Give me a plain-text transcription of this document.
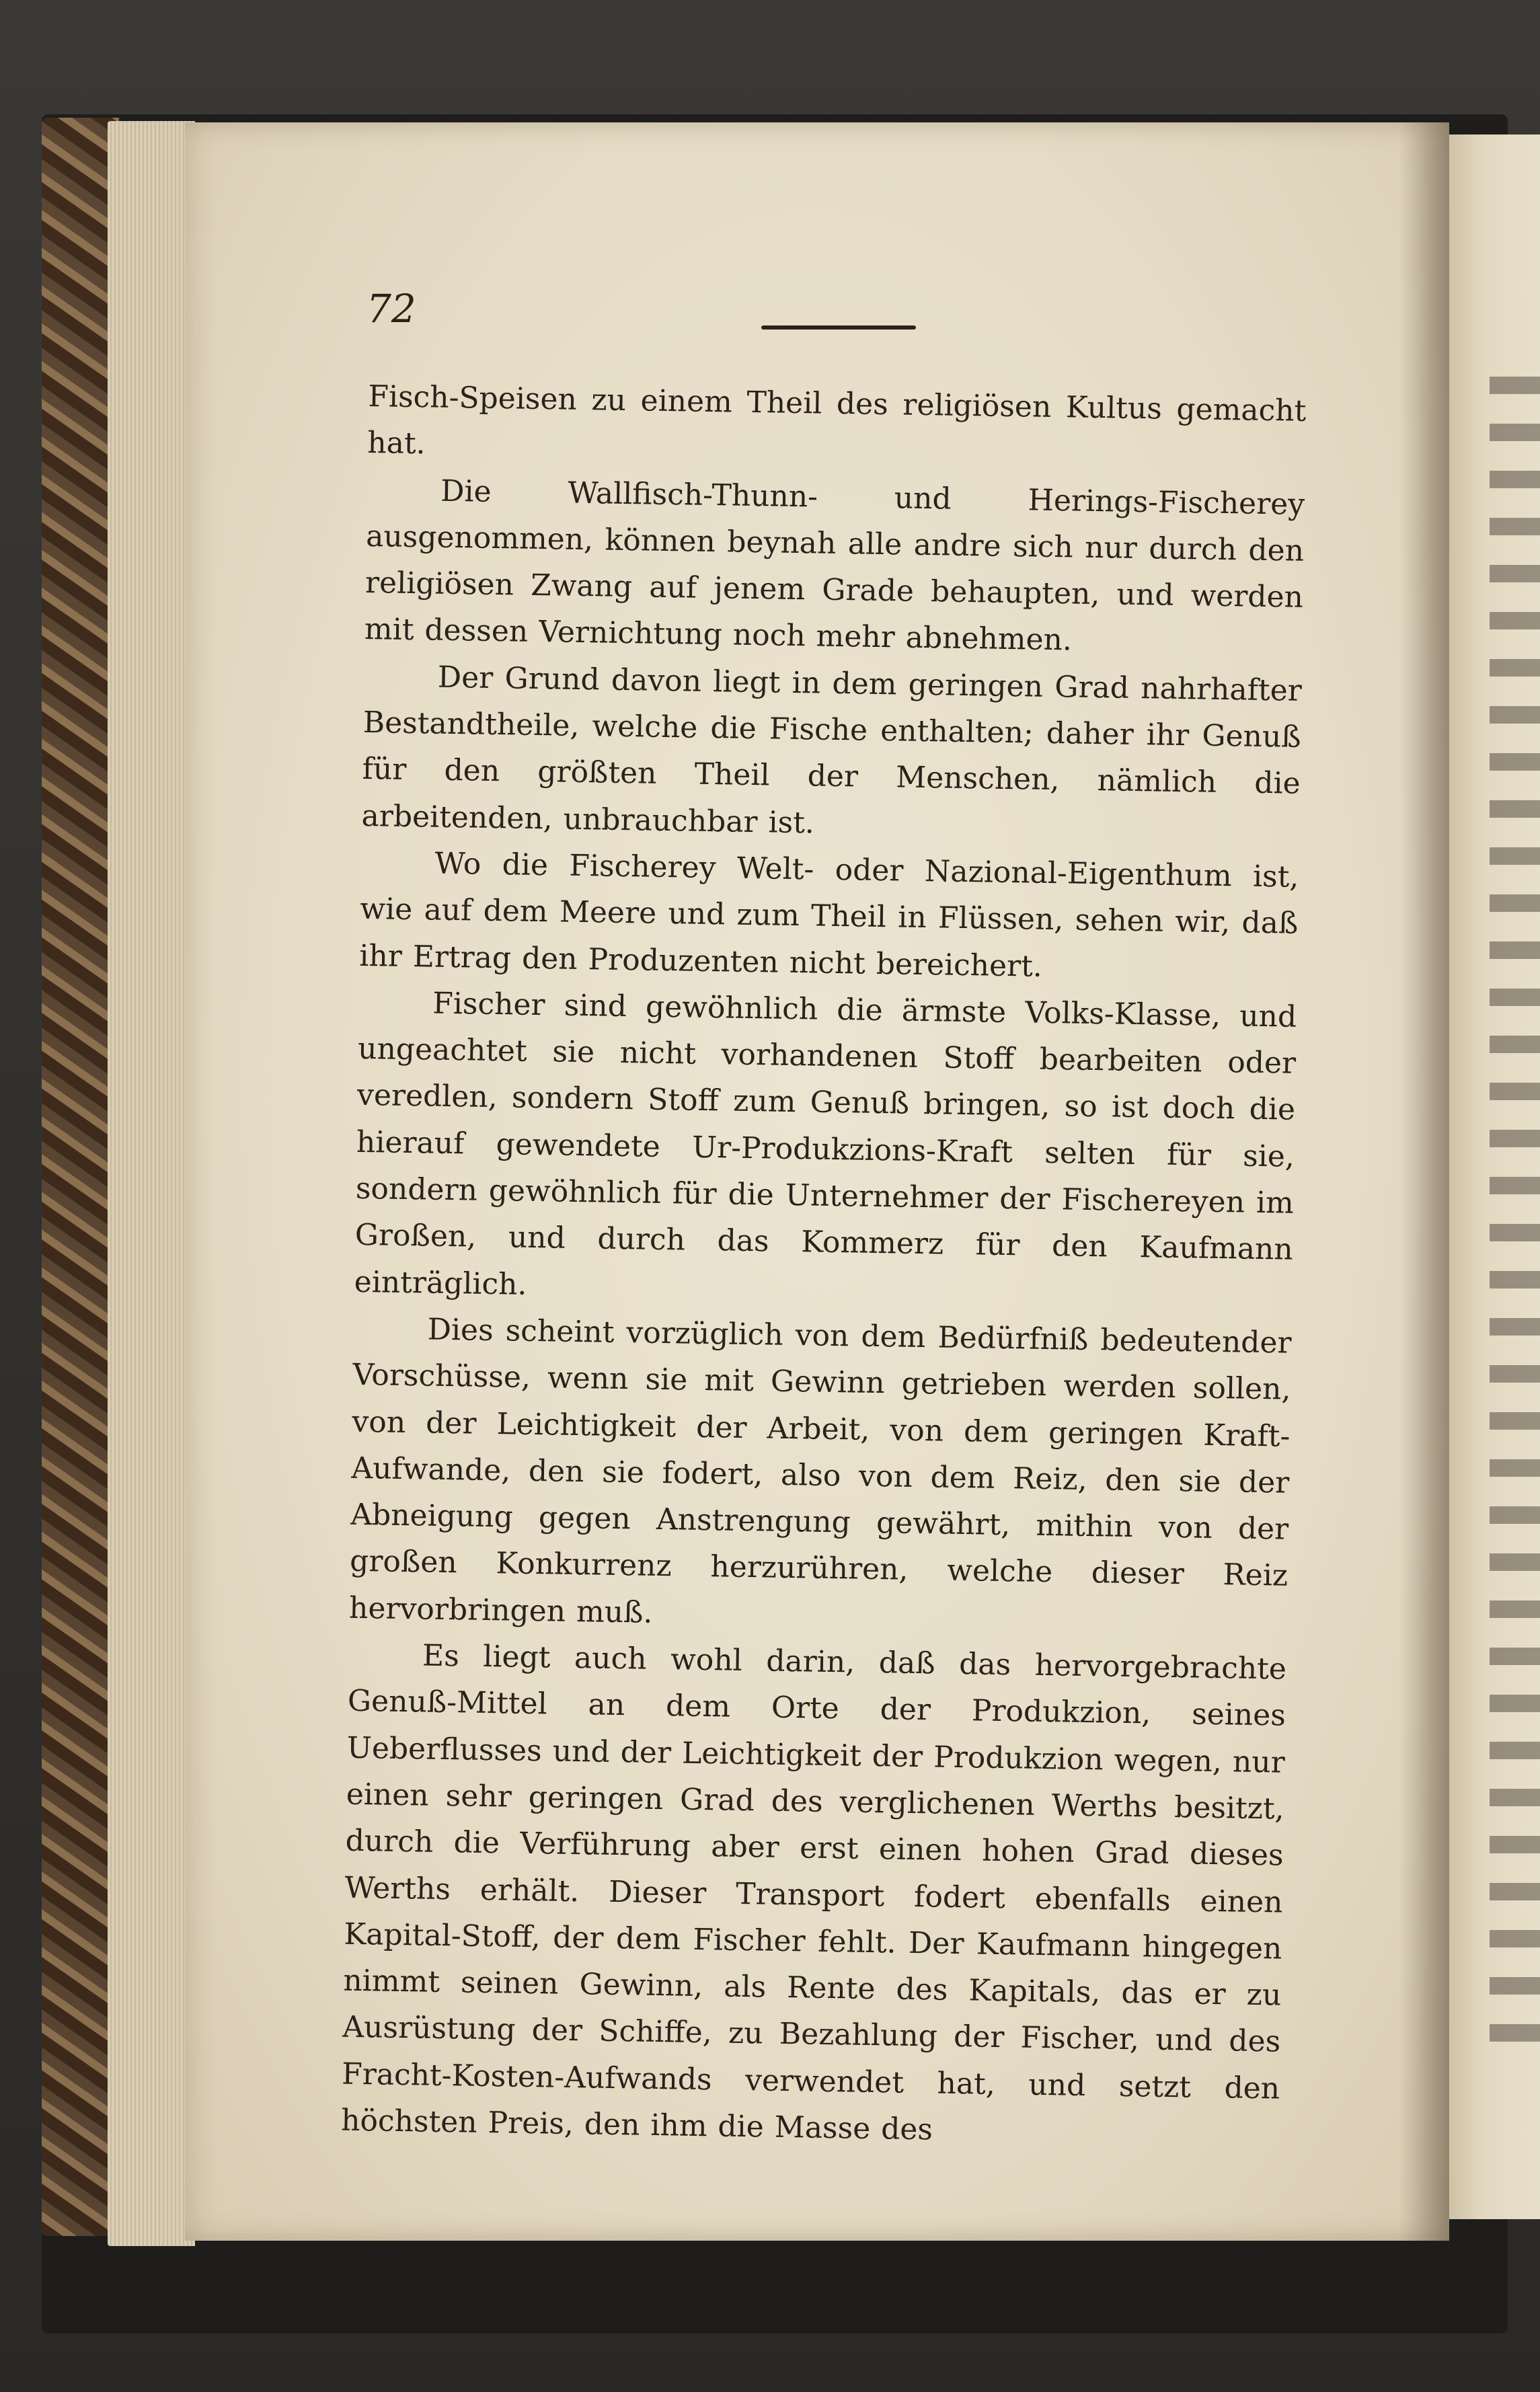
72

Fisch-Speisen zu einem Theil des religiösen Kultus gemacht hat.

Die Wallfisch-Thunn- und Herings-Fischerey ausgenommen, können beynah alle andre sich nur durch den religiösen Zwang auf jenem Grade behaupten, und werden mit dessen Vernichtung noch mehr abnehmen.

Der Grund davon liegt in dem geringen Grad nahrhafter Bestandtheile, welche die Fische enthalten; daher ihr Genuß für den größten Theil der Menschen, nämlich die arbeitenden, unbrauchbar ist.

Wo die Fischerey Welt- oder Nazional-Eigenthum ist, wie auf dem Meere und zum Theil in Flüssen, sehen wir, daß ihr Ertrag den Produzenten nicht bereichert.

Fischer sind gewöhnlich die ärmste Volks-Klasse, und ungeachtet sie nicht vorhandenen Stoff bearbeiten oder veredlen, sondern Stoff zum Genuß bringen, so ist doch die hierauf gewendete Ur-Produkzions-Kraft selten für sie, sondern gewöhnlich für die Unternehmer der Fischereyen im Großen, und durch das Kommerz für den Kaufmann einträglich.

Dies scheint vorzüglich von dem Bedürfniß bedeutender Vorschüsse, wenn sie mit Gewinn getrieben werden sollen, von der Leichtigkeit der Arbeit, von dem geringen Kraft-Aufwande, den sie fodert, also von dem Reiz, den sie der Abneigung gegen Anstrengung gewährt, mithin von der großen Konkurrenz herzurühren, welche dieser Reiz hervorbringen muß.

Es liegt auch wohl darin, daß das hervorgebrachte Genuß-Mittel an dem Orte der Produkzion, seines Ueberflusses und der Leichtigkeit der Produkzion wegen, nur einen sehr geringen Grad des verglichenen Werths besitzt, durch die Verführung aber erst einen hohen Grad dieses Werths erhält. Dieser Transport fodert ebenfalls einen Kapital-Stoff, der dem Fischer fehlt. Der Kaufmann hingegen nimmt seinen Gewinn, als Rente des Kapitals, das er zu Ausrüstung der Schiffe, zu Bezahlung der Fischer, und des Fracht-Kosten-Aufwands verwendet hat, und setzt den höchsten Preis, den ihm die Masse des
